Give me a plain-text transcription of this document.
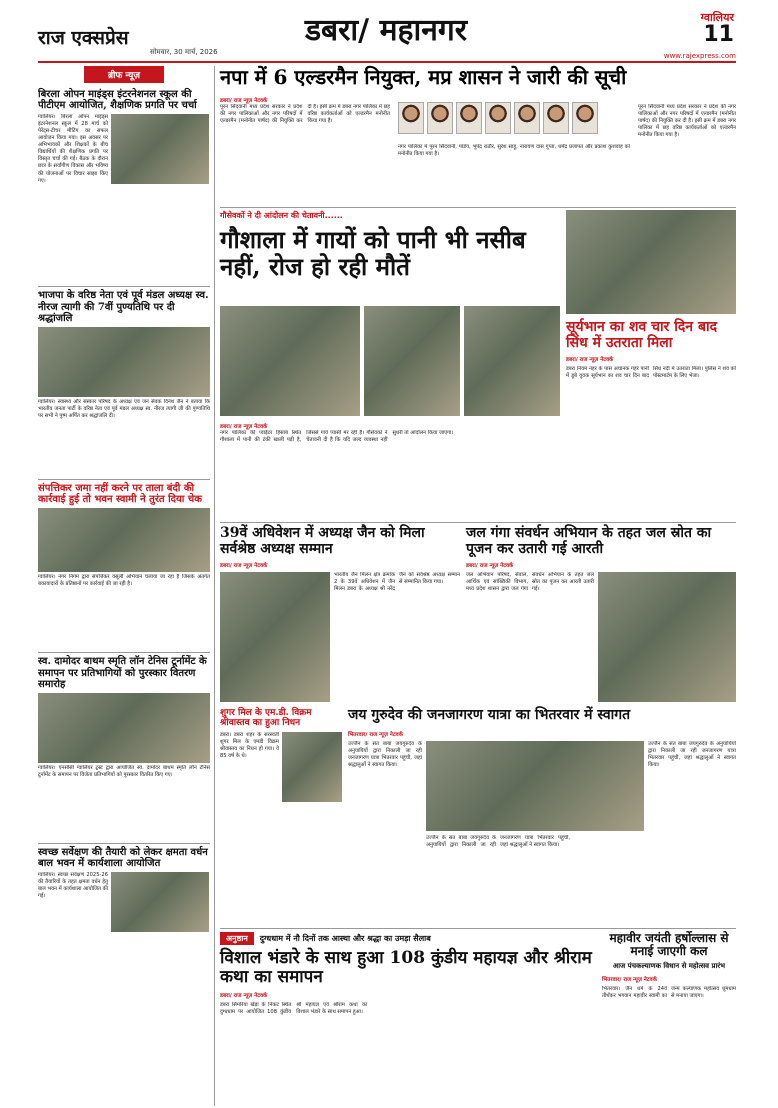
राज एक्सप्रेस
सोमवार, 30 मार्च, 2026
डबरा/ महानगर	ग्वालियर
11
www.rajexpress.com
ब्रीफ न्यूज़
बिरला ओपन माइंड्स इंटरनेशनल स्कूल की पीटीएम आयोजित, शैक्षणिक प्रगति पर चर्चा
ग्वालियर। बिरला ओपन माइंड्स इंटरनेशनल स्कूल में 28 मार्च को पेरेंट्स-टीचर मीटिंग का सफल आयोजन किया गया। इस अवसर पर अभिभावकों और शिक्षकों के बीच विद्यार्थियों की शैक्षणिक प्रगति पर विस्तृत चर्चा की गई। बैठक के दौरान छात्र के सर्वांगीण विकास और भविष्य की योजनाओं पर विचार साझा किए गए।
भाजपा के वरिष्ठ नेता एवं पूर्व मंडल अध्यक्ष स्व. नीरज त्यागी की 7वीं पुण्यतिथि पर दी श्रद्धांजलि
ग्वालियर। स्वास्थ्य और संस्कार परिषद के अध्यक्ष एवं जन सेवक दिनेश जैन ने बताया कि भारतीय जनता पार्टी के वरिष्ठ नेता एवं पूर्व मंडल अध्यक्ष स्व. नीरज त्यागी जी की पुण्यतिथि पर सभी ने पुष्प अर्पित कर श्रद्धांजलि दी।
संपत्तिकर जमा नहीं करने पर ताला बंदी की कार्रवाई हुई तो भवन स्वामी ने तुरंत दिया चेक
ग्वालियर। नगर निगम द्वारा संपत्तिकर वसूली अभियान चलाया जा रहा है जिसके अंतर्गत बकायादारों के प्रतिष्ठानों पर कार्रवाई की जा रही है।
स्व. दामोदर बाथम स्मृति लॉन टेनिस टूर्नामेंट के समापन पर प्रतिभागियों को पुरस्कार वितरण समारोह
ग्वालियर। एनसीसी ग्वालियर ट्रस्ट द्वारा आयोजित स्व. दामोदर बाथम स्मृति लॉन टेनिस टूर्नामेंट के समापन पर विजेता प्रतिभागियों को पुरस्कार वितरित किए गए।
स्वच्छ सर्वेक्षण की तैयारी को लेकर क्षमता वर्धन बाल भवन में कार्यशाला आयोजित
ग्वालियर। स्वच्छ सर्वेक्षण 2025-26 की तैयारियों के तहत क्षमता वर्धन हेतु बाल भवन में कार्यशाला आयोजित की गई।
नपा में 6 एल्डरमैन नियुक्त, मप्र शासन ने जारी की सूची
डबरा/ राज न्यूज़ नेटवर्क
पूरन सिंदवानी मध्य प्रदेश सरकार ने प्रदेश की नगर पालिकाओं और नगर परिषदों में एल्डरमैन (मनोनीत पार्षद) की नियुक्ति कर दी है। इसी क्रम में डबरा नगर पालिका में छह वरिष्ठ कार्यकर्ताओं को एल्डरमैन मनोनीत किया गया है।
नगर पालिका में पूरन सिंदवानी, पांडेय, भूपेंद्र राठौर, सुरेश साहू, नारायण दास गुप्ता, धर्मेंद्र प्रजापत और प्रकाश कुशवाह को मनोनीत किया गया है।
पूरन सिंदवानी मध्य प्रदेश सरकार ने प्रदेश की नगर पालिकाओं और नगर परिषदों में एल्डरमैन (मनोनीत पार्षद) की नियुक्ति कर दी है। इसी क्रम में डबरा नगर पालिका में छह वरिष्ठ कार्यकर्ताओं को एल्डरमैन मनोनीत किया गया है।
गौसेवकों ने दी आंदोलन की चेतावनी......
गौशाला में गायों को पानी भी नसीब नहीं, रोज हो रही मौतें
डबरा/ राज न्यूज़ नेटवर्क
नगर पालिका की प्वाईंटर हिसाब स्थित गौशाला में पानी की टंकी खाली पड़ी है, जिससे गायें प्यासी मर रही हैं। गौसेवकों ने चेतावनी दी है कि यदि जल्द व्यवस्था नहीं सुधरी तो आंदोलन किया जाएगा।
सूर्यभान का शव चार दिन बाद सिंध में उतराता मिला
डबरा/ राज न्यूज़ नेटवर्क
डबरा नियम नहर के पास अचानक गहरे पानी में डूबे युवक सूर्यभान का शव चार दिन बाद सिंध नदी में उतराता मिला। पुलिस ने शव को पोस्टमार्टम के लिए भेजा।
39वें अधिवेशन में अध्यक्ष जैन को मिला सर्वश्रेष्ठ अध्यक्ष सम्मान
डबरा/ राज न्यूज़ नेटवर्क
भारतीय जैन मिलन क्षेत्र क्रमांक 2 के 39वें अधिवेशन में जैन मिलन डबरा के अध्यक्ष श्री नरेंद्र जैन को सर्वश्रेष्ठ अध्यक्ष सम्मान से सम्मानित किया गया।
जल गंगा संवर्धन अभियान के तहत जल स्रोत का पूजन कर उतारी गई आरती
डबरा/ राज न्यूज़ नेटवर्क
जल अभियान परिषद, सेवाल, आर्थिक एवं सांख्यिकी विभाग, मध्य प्रदेश शासन द्वारा जल गंगा संवर्धन अभियान के तहत जल स्रोत का पूजन कर आरती उतारी गई।
शुगर मिल के एम.डी. विक्रम श्रीवास्तव का हुआ निधन
डबरा। डबरा शहर के सरस्वती शुगर मिल के एमडी विक्रम श्रीवास्तव का निधन हो गया। वे 85 वर्ष के थे।
जय गुरुदेव की जनजागरण यात्रा का भितरवार में स्वागत
भितरवार/ राज न्यूज़ नेटवर्क
उज्जैन के संत बाबा जयगुरुदेव के अनुयायियों द्वारा निकाली जा रही जनजागरण यात्रा भितरवार पहुंची, जहां श्रद्धालुओं ने स्वागत किया।
उज्जैन के संत बाबा जयगुरुदेव के अनुयायियों द्वारा निकाली जा रही जनजागरण यात्रा भितरवार पहुंची, जहां श्रद्धालुओं ने स्वागत किया।
उज्जैन के संत बाबा जयगुरुदेव के अनुयायियों द्वारा निकाली जा रही जनजागरण यात्रा भितरवार पहुंची, जहां श्रद्धालुओं ने स्वागत किया।
अनुष्ठान	दुग्धधाम में नौ दिनों तक आस्था और श्रद्धा का उमड़ा सैलाब
विशाल भंडारे के साथ हुआ 108 कुंडीय महायज्ञ और श्रीराम कथा का समापन
डबरा/ राज न्यूज़ नेटवर्क
डबरा सिमरिया खेड़ा के निकट स्थित दुग्धधाम पर आयोजित 108 कुंडीय श्री महायज्ञ एवं श्रीराम कथा का विशाल भंडारे के साथ समापन हुआ।
महावीर जयंती हर्षोल्लास से मनाई जाएगी कल
आज पंचकल्याणक विधान से महोत्सव प्रारंभ
भितरवार/ राज न्यूज़ नेटवर्क
भितरवार। जैन धर्म के 24वें तीर्थंकर भगवान महावीर स्वामी का जन्म कल्याणक महोत्सव धूमधाम से मनाया जाएगा।
